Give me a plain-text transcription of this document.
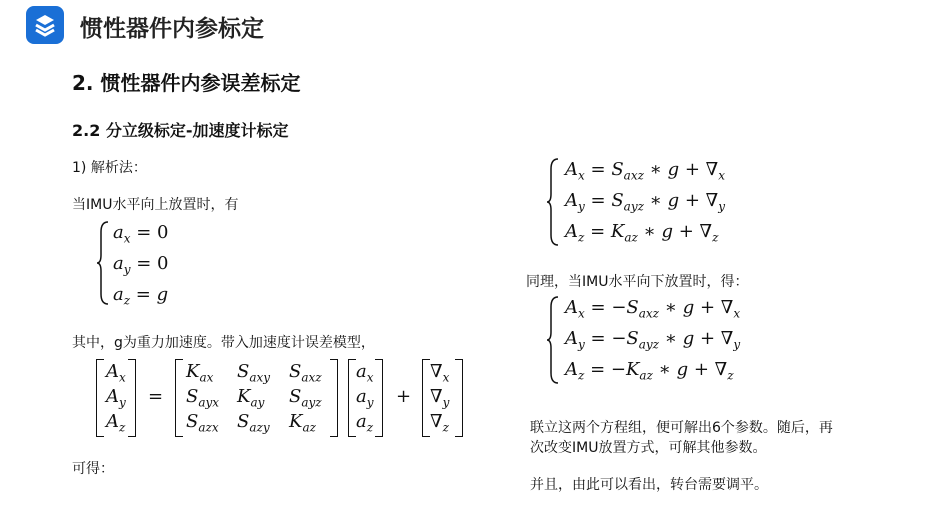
惯性器件内参标定
2. 惯性器件内参误差标定
2.2 分立级标定-加速度计标定
1) 解析法：
当IMU水平向上放置时，有
$a_x = 0$
$a_y = 0$
$a_z = g$
其中，g为重力加速度。带入加速度计误差模型，
$A_x$
$A_y$
$A_z$
=
$K_{ax}$ $S_{axy}$ $S_{axz}$
$S_{ayx}$ $K_{ay}$ $S_{ayz}$
$S_{azx}$ $S_{azy}$ $K_{az}$
$a_x$
$a_y$
$a_z$
+
$\nabla_x$
$\nabla_y$
$\nabla_z$
可得：
$A_x = S_{axz}$ ∗ $g + \nabla_x$
$A_y = S_{ayz}$ ∗ $g + \nabla_y$
$A_z = K_{az}$ ∗ $g + \nabla_z$
同理，当IMU水平向下放置时，得：
$A_x = -S_{axz}$ ∗ $g + \nabla_x$
$A_y = -S_{ayz}$ ∗ $g + \nabla_y$
$A_z = -K_{az}$ ∗ $g + \nabla_z$
联立这两个方程组，便可解出6个参数。随后，再
次改变IMU放置方式，可解其他参数。
并且，由此可以看出，转台需要调平。
